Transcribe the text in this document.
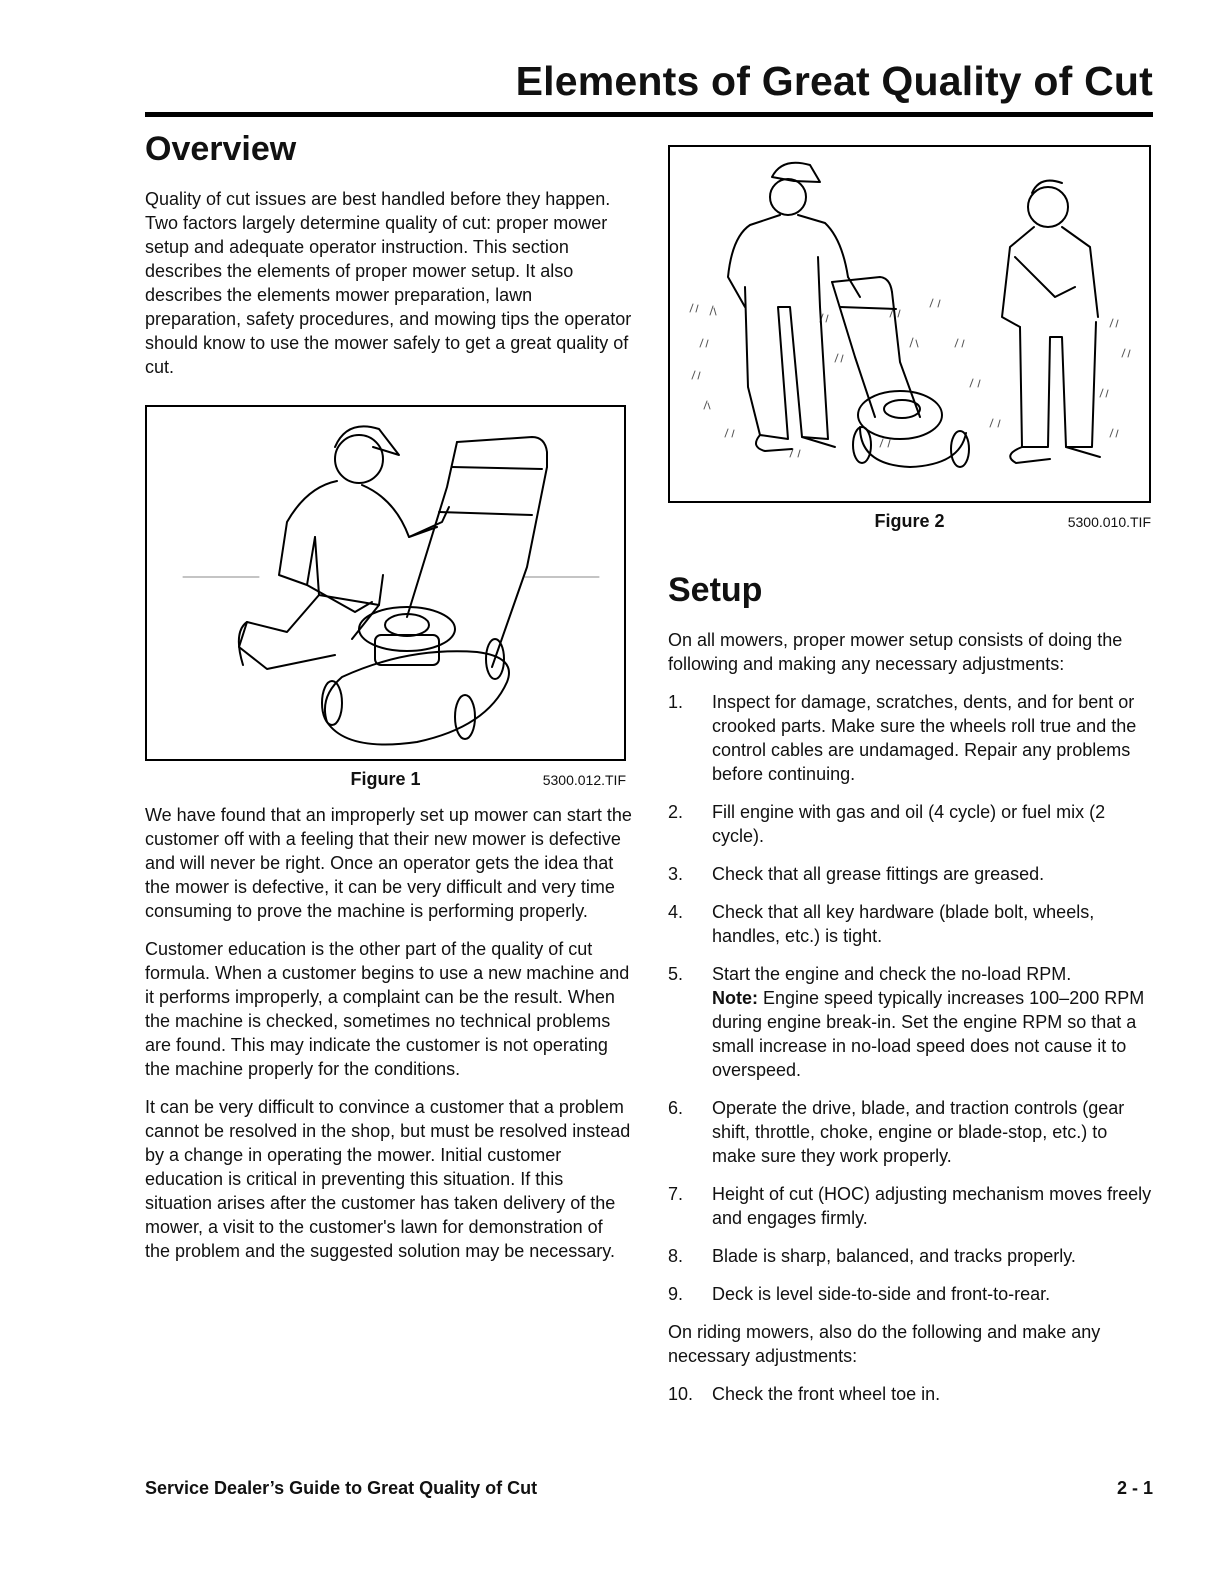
Elements of Great Quality of Cut
Overview

Quality of cut issues are best handled before they happen. Two factors largely determine quality of cut: proper mower setup and adequate operator instruction. This section describes the elements of proper mower setup. It also describes the elements mower preparation, lawn preparation, safety procedures, and mowing tips the operator should know to use the mower safely to get a great quality of cut.

Figure 1	5300.012.TIF

We have found that an improperly set up mower can start the customer off with a feeling that their new mower is defective and will never be right. Once an operator gets the idea that the mower is defective, it can be very difficult and very time consuming to prove the machine is performing properly.

Customer education is the other part of the quality of cut formula. When a customer begins to use a new machine and it performs improperly, a complaint can be the result. When the machine is checked, sometimes no technical problems are found. This may indicate the customer is not operating the machine properly for the conditions.

It can be very difficult to convince a customer that a problem cannot be resolved in the shop, but must be resolved instead by a change in operating the mower. Initial customer education is critical in preventing this situation. If this situation arises after the customer has taken delivery of the mower, a visit to the customer's lawn for demonstration of the problem and the suggested solution may be necessary.

Figure 2	5300.010.TIF
Setup

On all mowers, proper mower setup consists of doing the following and making any necessary adjustments:

1. Inspect for damage, scratches, dents, and for bent or crooked parts. Make sure the wheels roll true and the control cables are undamaged. Repair any problems before continuing.
2. Fill engine with gas and oil (4 cycle) or fuel mix (2 cycle).
3. Check that all grease fittings are greased.
4. Check that all key hardware (blade bolt, wheels, handles, etc.) is tight.
5. Start the engine and check the no-load RPM.
Note: Engine speed typically increases 100–200 RPM during engine break-in. Set the engine RPM so that a small increase in no-load speed does not cause it to overspeed.
6. Operate the drive, blade, and traction controls (gear shift, throttle, choke, engine or blade-stop, etc.) to make sure they work properly.
7. Height of cut (HOC) adjusting mechanism moves freely and engages firmly.
8. Blade is sharp, balanced, and tracks properly.
9. Deck is level side-to-side and front-to-rear.

On riding mowers, also do the following and make any necessary adjustments:

10. Check the front wheel toe in.
Service Dealer’s Guide to Great Quality of Cut	2 - 1
